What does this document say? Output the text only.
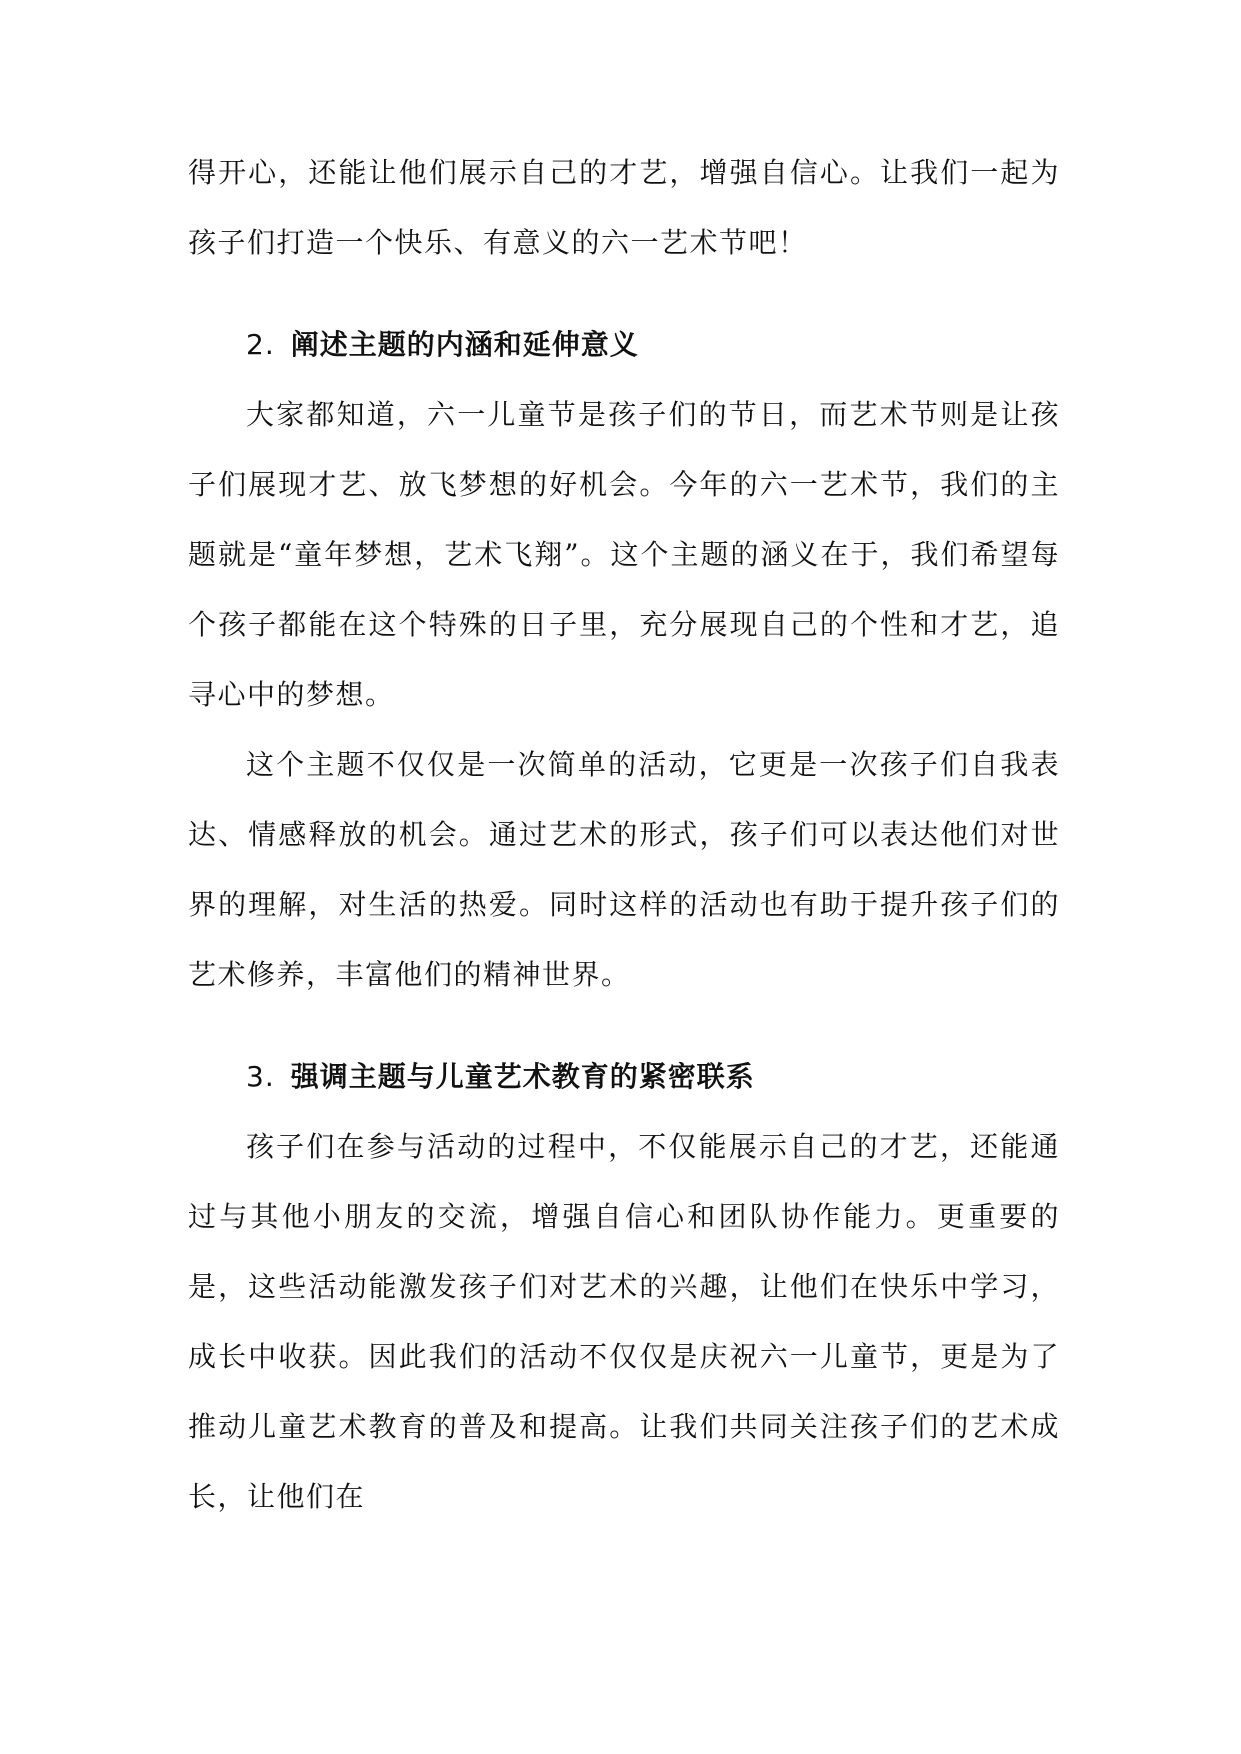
得开心，还能让他们展示自己的才艺，增强自信心。让我们一起为孩子们打造一个快乐、有意义的六一艺术节吧！

2. 阐述主题的内涵和延伸意义

大家都知道，六一儿童节是孩子们的节日，而艺术节则是让孩子们展现才艺、放飞梦想的好机会。今年的六一艺术节，我们的主题就是“童年梦想，艺术飞翔”。这个主题的涵义在于，我们希望每个孩子都能在这个特殊的日子里，充分展现自己的个性和才艺，追寻心中的梦想。

这个主题不仅仅是一次简单的活动，它更是一次孩子们自我表达、情感释放的机会。通过艺术的形式，孩子们可以表达他们对世界的理解，对生活的热爱。同时这样的活动也有助于提升孩子们的艺术修养，丰富他们的精神世界。

3. 强调主题与儿童艺术教育的紧密联系

孩子们在参与活动的过程中，不仅能展示自己的才艺，还能通过与其他小朋友的交流，增强自信心和团队协作能力。更重要的是，这些活动能激发孩子们对艺术的兴趣，让他们在快乐中学习，成长中收获。因此我们的活动不仅仅是庆祝六一儿童节，更是为了推动儿童艺术教育的普及和提高。让我们共同关注孩子们的艺术成长，让他们在
